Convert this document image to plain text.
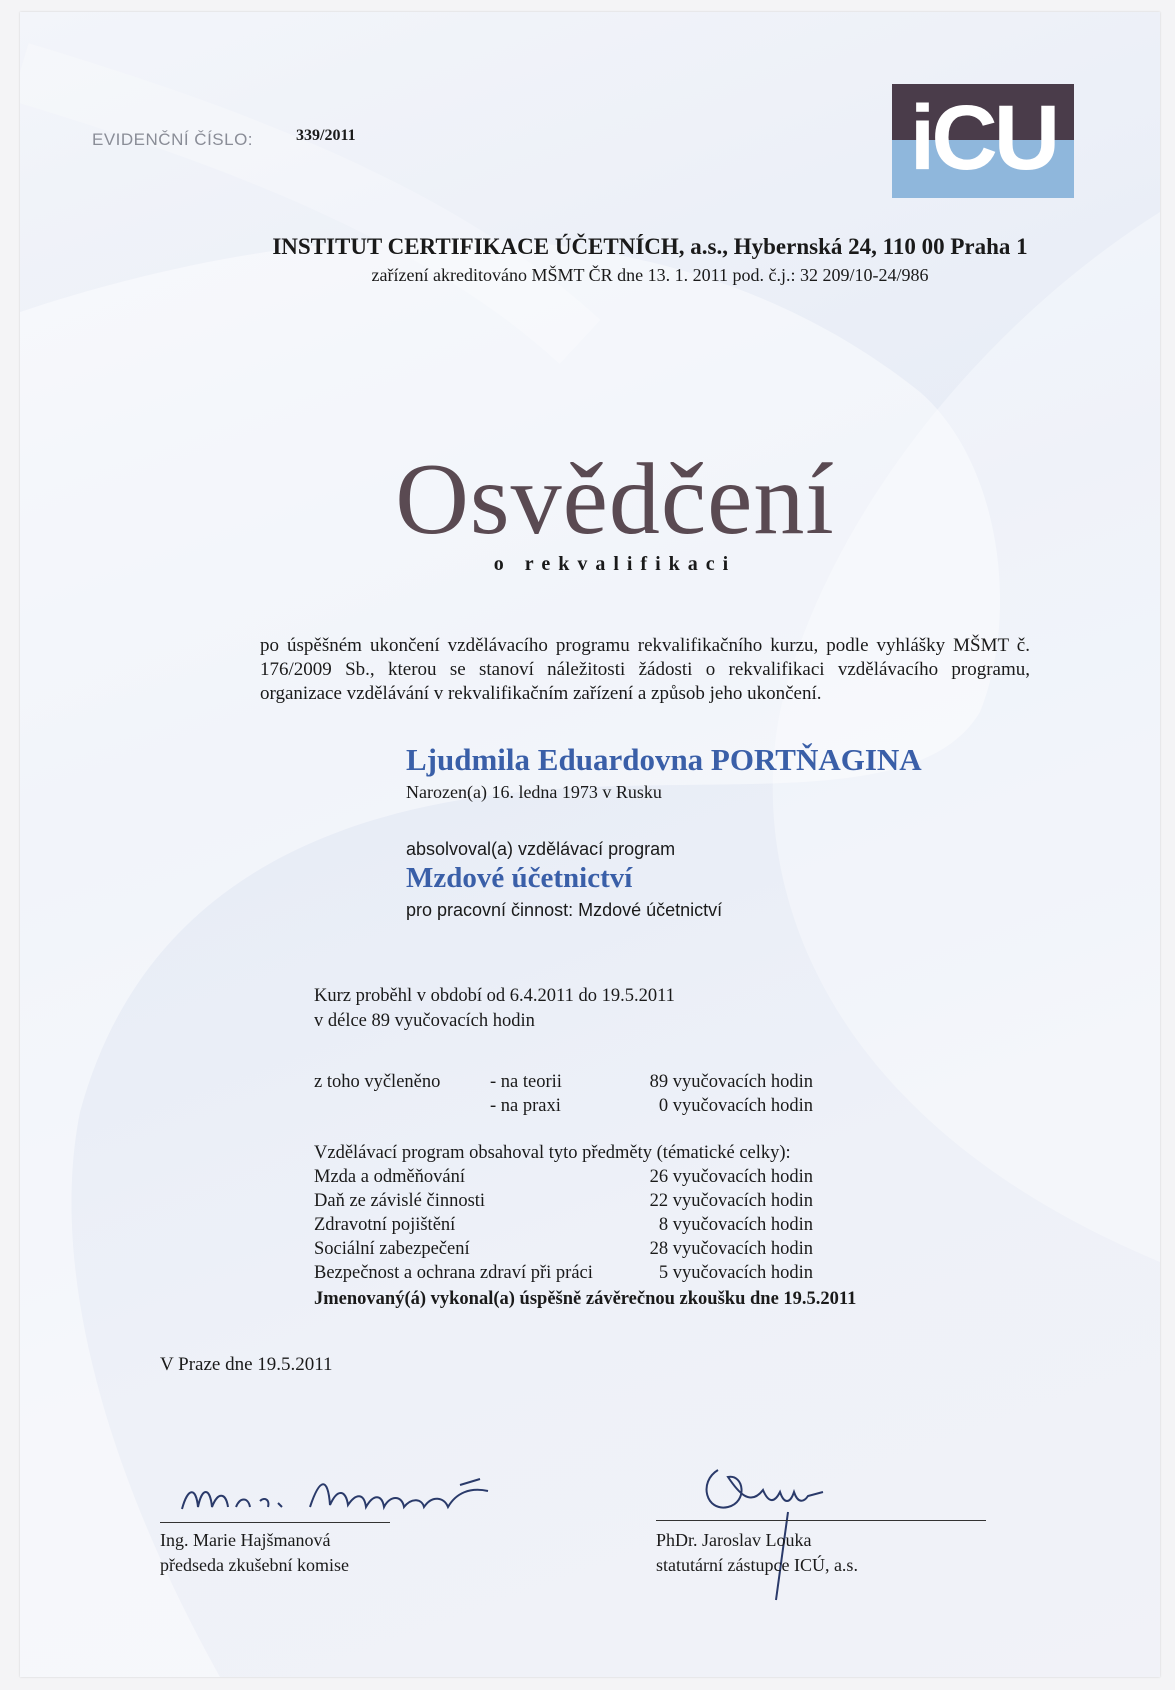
EVIDENČNÍ ČÍSLO:	339/2011	iCU
INSTITUT CERTIFIKACE ÚČETNÍCH, a.s., Hybernská 24, 110 00 Praha 1
zařízení akreditováno MŠMT ČR dne 13. 1. 2011 pod. č.j.: 32 209/10-24/986
Osvědčení
o rekvalifikaci
po úspěšném ukončení vzdělávacího programu rekvalifikačního kurzu, podle vyhlášky MŠMT č. 176/2009 Sb., kterou se stanoví náležitosti žádosti o rekvalifikaci vzdělávacího programu, organizace vzdělávání v rekvalifikačním zařízení a způsob jeho ukončení.
Ljudmila Eduardovna PORTŇAGINA
Narozen(a) 16. ledna 1973 v Rusku
absolvoval(a) vzdělávací program
Mzdové účetnictví
pro pracovní činnost: Mzdové účetnictví
Kurz proběhl v období od 6.4.2011 do 19.5.2011
v délce 89 vyučovacích hodin
z toho vyčleněno	- na teorii	89 vyučovacích hodin
- na praxi	0 vyučovacích hodin
Vzdělávací program obsahoval tyto předměty (tématické celky):
Mzda a odměňování	26 vyučovacích hodin
Daň ze závislé činnosti	22 vyučovacích hodin
Zdravotní pojištění	8 vyučovacích hodin
Sociální zabezpečení	28 vyučovacích hodin
Bezpečnost a ochrana zdraví při práci	5 vyučovacích hodin
Jmenovaný(á) vykonal(a) úspěšně závěrečnou zkoušku dne 19.5.2011
V Praze dne 19.5.2011
Ing. Marie Hajšmanová
předseda zkušební komise
PhDr. Jaroslav Louka
statutární zástupce ICÚ, a.s.
